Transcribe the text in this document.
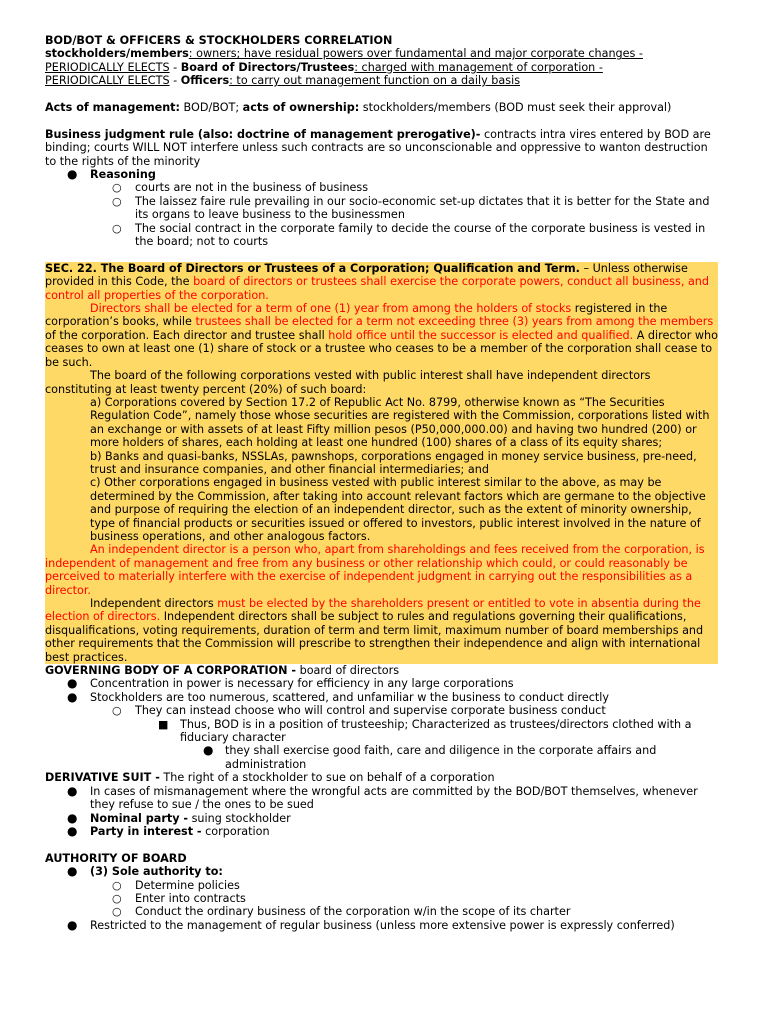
BOD/BOT & OFFICERS & STOCKHOLDERS CORRELATION

stockholders/members: owners; have residual powers over fundamental and major corporate changes -
PERIODICALLY ELECTS - Board of Directors/Trustees: charged with management of corporation -
PERIODICALLY ELECTS - Officers: to carry out management function on a daily basis

Acts of management: BOD/BOT; acts of ownership: stockholders/members (BOD must seek their approval)

Business judgment rule (also: doctrine of management prerogative)- contracts intra vires entered by BOD are binding; courts WILL NOT interfere unless such contracts are so unconscionable and oppressive to wanton destruction to the rights of the minority

● Reasoning
○ courts are not in the business of business
○ The laissez faire rule prevailing in our socio-economic set-up dictates that it is better for the State and its organs to leave business to the businessmen
○ The social contract in the corporate family to decide the course of the corporate business is vested in the board; not to courts

SEC. 22. The Board of Directors or Trustees of a Corporation; Qualification and Term. – Unless otherwise provided in this Code, the board of directors or trustees shall exercise the corporate powers, conduct all business, and control all properties of the corporation.

Directors shall be elected for a term of one (1) year from among the holders of stocks registered in the corporation’s books, while trustees shall be elected for a term not exceeding three (3) years from among the members of the corporation. Each director and trustee shall hold office until the successor is elected and qualified. A director who ceases to own at least one (1) share of stock or a trustee who ceases to be a member of the corporation shall cease to be such.

The board of the following corporations vested with public interest shall have independent directors constituting at least twenty percent (20%) of such board:

a) Corporations covered by Section 17.2 of Republic Act No. 8799, otherwise known as “The Securities Regulation Code”, namely those whose securities are registered with the Commission, corporations listed with an exchange or with assets of at least Fifty million pesos (P50,000,000.00) and having two hundred (200) or more holders of shares, each holding at least one hundred (100) shares of a class of its equity shares;

b) Banks and quasi-banks, NSSLAs, pawnshops, corporations engaged in money service business, pre-need, trust and insurance companies, and other financial intermediaries; and

c) Other corporations engaged in business vested with public interest similar to the above, as may be determined by the Commission, after taking into account relevant factors which are germane to the objective and purpose of requiring the election of an independent director, such as the extent of minority ownership, type of financial products or securities issued or offered to investors, public interest involved in the nature of business operations, and other analogous factors.

An independent director is a person who, apart from shareholdings and fees received from the corporation, is independent of management and free from any business or other relationship which could, or could reasonably be perceived to materially interfere with the exercise of independent judgment in carrying out the responsibilities as a director.

Independent directors must be elected by the shareholders present or entitled to vote in absentia during the election of directors. Independent directors shall be subject to rules and regulations governing their qualifications, disqualifications, voting requirements, duration of term and term limit, maximum number of board memberships and other requirements that the Commission will prescribe to strengthen their independence and align with international best practices.

GOVERNING BODY OF A CORPORATION - board of directors

● Concentration in power is necessary for efficiency in any large corporations
● Stockholders are too numerous, scattered, and unfamiliar w the business to conduct directly
○ They can instead choose who will control and supervise corporate business conduct
■ Thus, BOD is in a position of trusteeship; Characterized as trustees/directors clothed with a fiduciary character
● they shall exercise good faith, care and diligence in the corporate affairs and administration

DERIVATIVE SUIT - The right of a stockholder to sue on behalf of a corporation

● In cases of mismanagement where the wrongful acts are committed by the BOD/BOT themselves, whenever they refuse to sue / the ones to be sued
● Nominal party - suing stockholder
● Party in interest - corporation

AUTHORITY OF BOARD

● (3) Sole authority to:
○ Determine policies
○ Enter into contracts
○ Conduct the ordinary business of the corporation w/in the scope of its charter
● Restricted to the management of regular business (unless more extensive power is expressly conferred)
